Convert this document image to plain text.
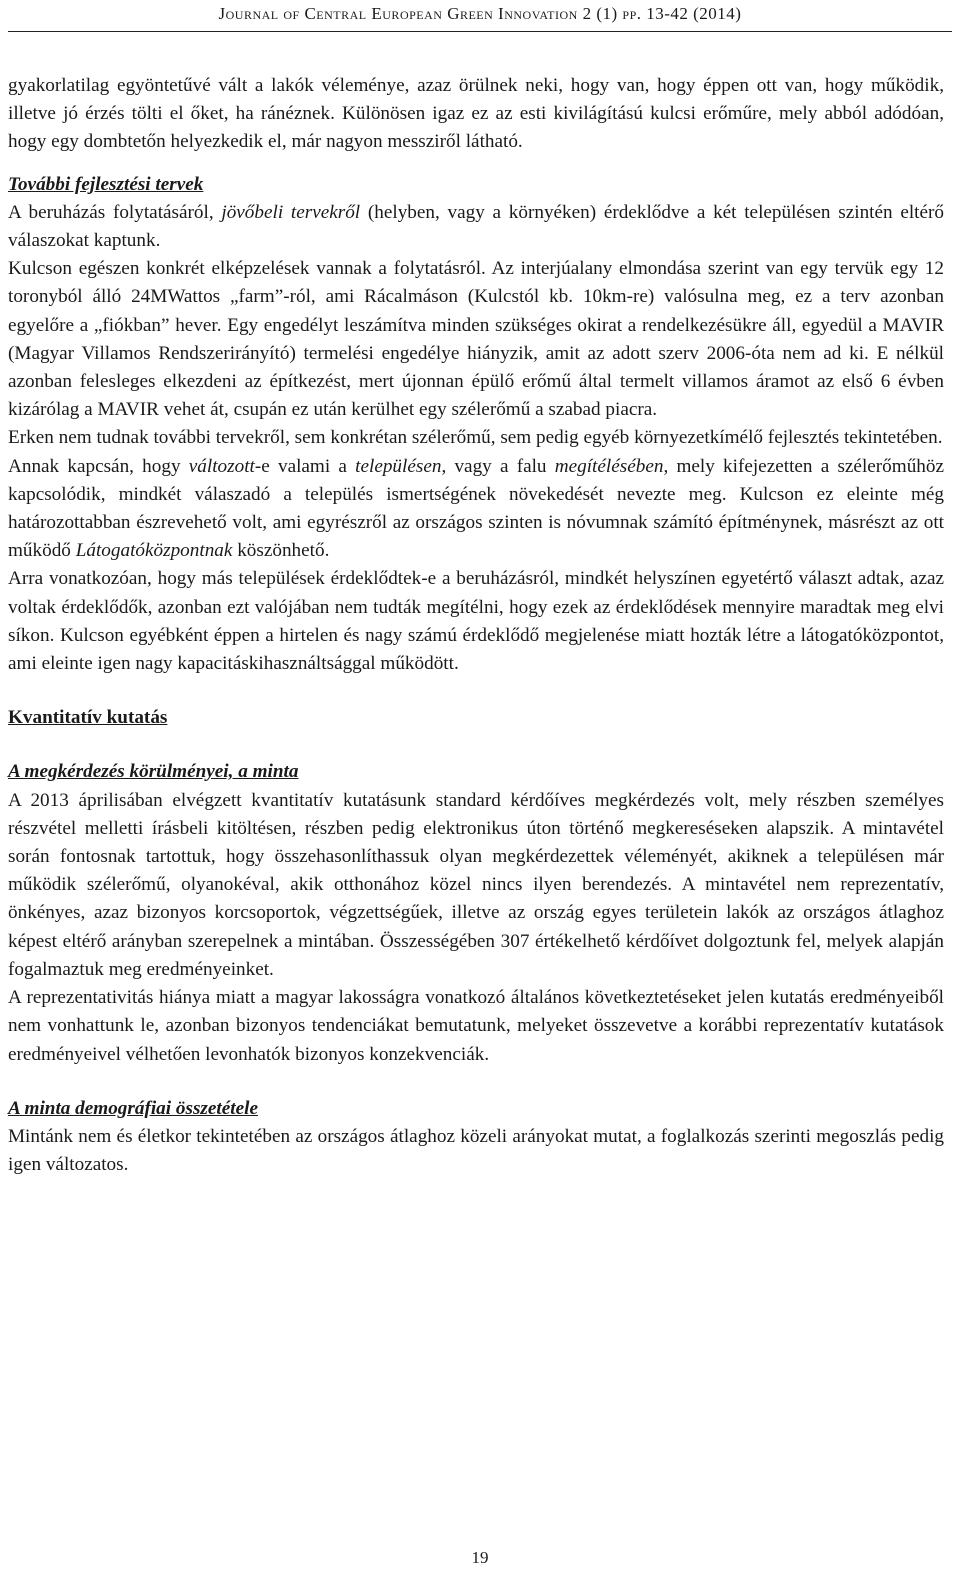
Journal of Central European Green Innovation 2 (1) pp. 13-42 (2014)

gyakorlatilag egyöntetűvé vált a lakók véleménye, azaz örülnek neki, hogy van, hogy éppen ott van, hogy működik, illetve jó érzés tölti el őket, ha ránéznek. Különösen igaz ez az esti kivilágítású kulcsi erőműre, mely abból adódóan, hogy egy dombtetőn helyezkedik el, már nagyon messziről látható.

További fejlesztési tervek

A beruházás folytatásáról, jövőbeli tervekről (helyben, vagy a környéken) érdeklődve a két településen szintén eltérő válaszokat kaptunk.

Kulcson egészen konkrét elképzelések vannak a folytatásról. Az interjúalany elmondása szerint van egy tervük egy 12 toronyból álló 24MWattos „farm”-ról, ami Rácalmáson (Kulcstól kb. 10km-re) valósulna meg, ez a terv azonban egyelőre a „fiókban” hever. Egy engedélyt leszámítva minden szükséges okirat a rendelkezésükre áll, egyedül a MAVIR (Magyar Villamos Rendszerirányító) termelési engedélye hiányzik, amit az adott szerv 2006-óta nem ad ki. E nélkül azonban felesleges elkezdeni az építkezést, mert újonnan épülő erőmű által termelt villamos áramot az első 6 évben kizárólag a MAVIR vehet át, csupán ez után kerülhet egy szélerőmű a szabad piacra.

Erken nem tudnak további tervekről, sem konkrétan szélerőmű, sem pedig egyéb környezetkímélő fejlesztés tekintetében.

Annak kapcsán, hogy változott-e valami a településen, vagy a falu megítélésében, mely kifejezetten a szélerőműhöz kapcsolódik, mindkét válaszadó a település ismertségének növekedését nevezte meg. Kulcson ez eleinte még határozottabban észrevehető volt, ami egyrészről az országos szinten is nóvumnak számító építménynek, másrészt az ott működő Látogatóközpontnak köszönhető.

Arra vonatkozóan, hogy más települések érdeklődtek-e a beruházásról, mindkét helyszínen egyetértő választ adtak, azaz voltak érdeklődők, azonban ezt valójában nem tudták megítélni, hogy ezek az érdeklődések mennyire maradtak meg elvi síkon. Kulcson egyébként éppen a hirtelen és nagy számú érdeklődő megjelenése miatt hozták létre a látogatóközpontot, ami eleinte igen nagy kapacitáskihasználtsággal működött.

Kvantitatív kutatás

A megkérdezés körülményei, a minta

A 2013 áprilisában elvégzett kvantitatív kutatásunk standard kérdőíves megkérdezés volt, mely részben személyes részvétel melletti írásbeli kitöltésen, részben pedig elektronikus úton történő megkereséseken alapszik. A mintavétel során fontosnak tartottuk, hogy összehasonlíthassuk olyan megkérdezettek véleményét, akiknek a településen már működik szélerőmű, olyanokéval, akik otthonához közel nincs ilyen berendezés. A mintavétel nem reprezentatív, önkényes, azaz bizonyos korcsoportok, végzettségűek, illetve az ország egyes területein lakók az országos átlaghoz képest eltérő arányban szerepelnek a mintában. Összességében 307 értékelhető kérdőívet dolgoztunk fel, melyek alapján fogalmaztuk meg eredményeinket.

A reprezentativitás hiánya miatt a magyar lakosságra vonatkozó általános következtetéseket jelen kutatás eredményeiből nem vonhattunk le, azonban bizonyos tendenciákat bemutatunk, melyeket összevetve a korábbi reprezentatív kutatások eredményeivel vélhetően levonhatók bizonyos konzekvenciák.

A minta demográfiai összetétele

Mintánk nem és életkor tekintetében az országos átlaghoz közeli arányokat mutat, a foglalkozás szerinti megoszlás pedig igen változatos.

19
